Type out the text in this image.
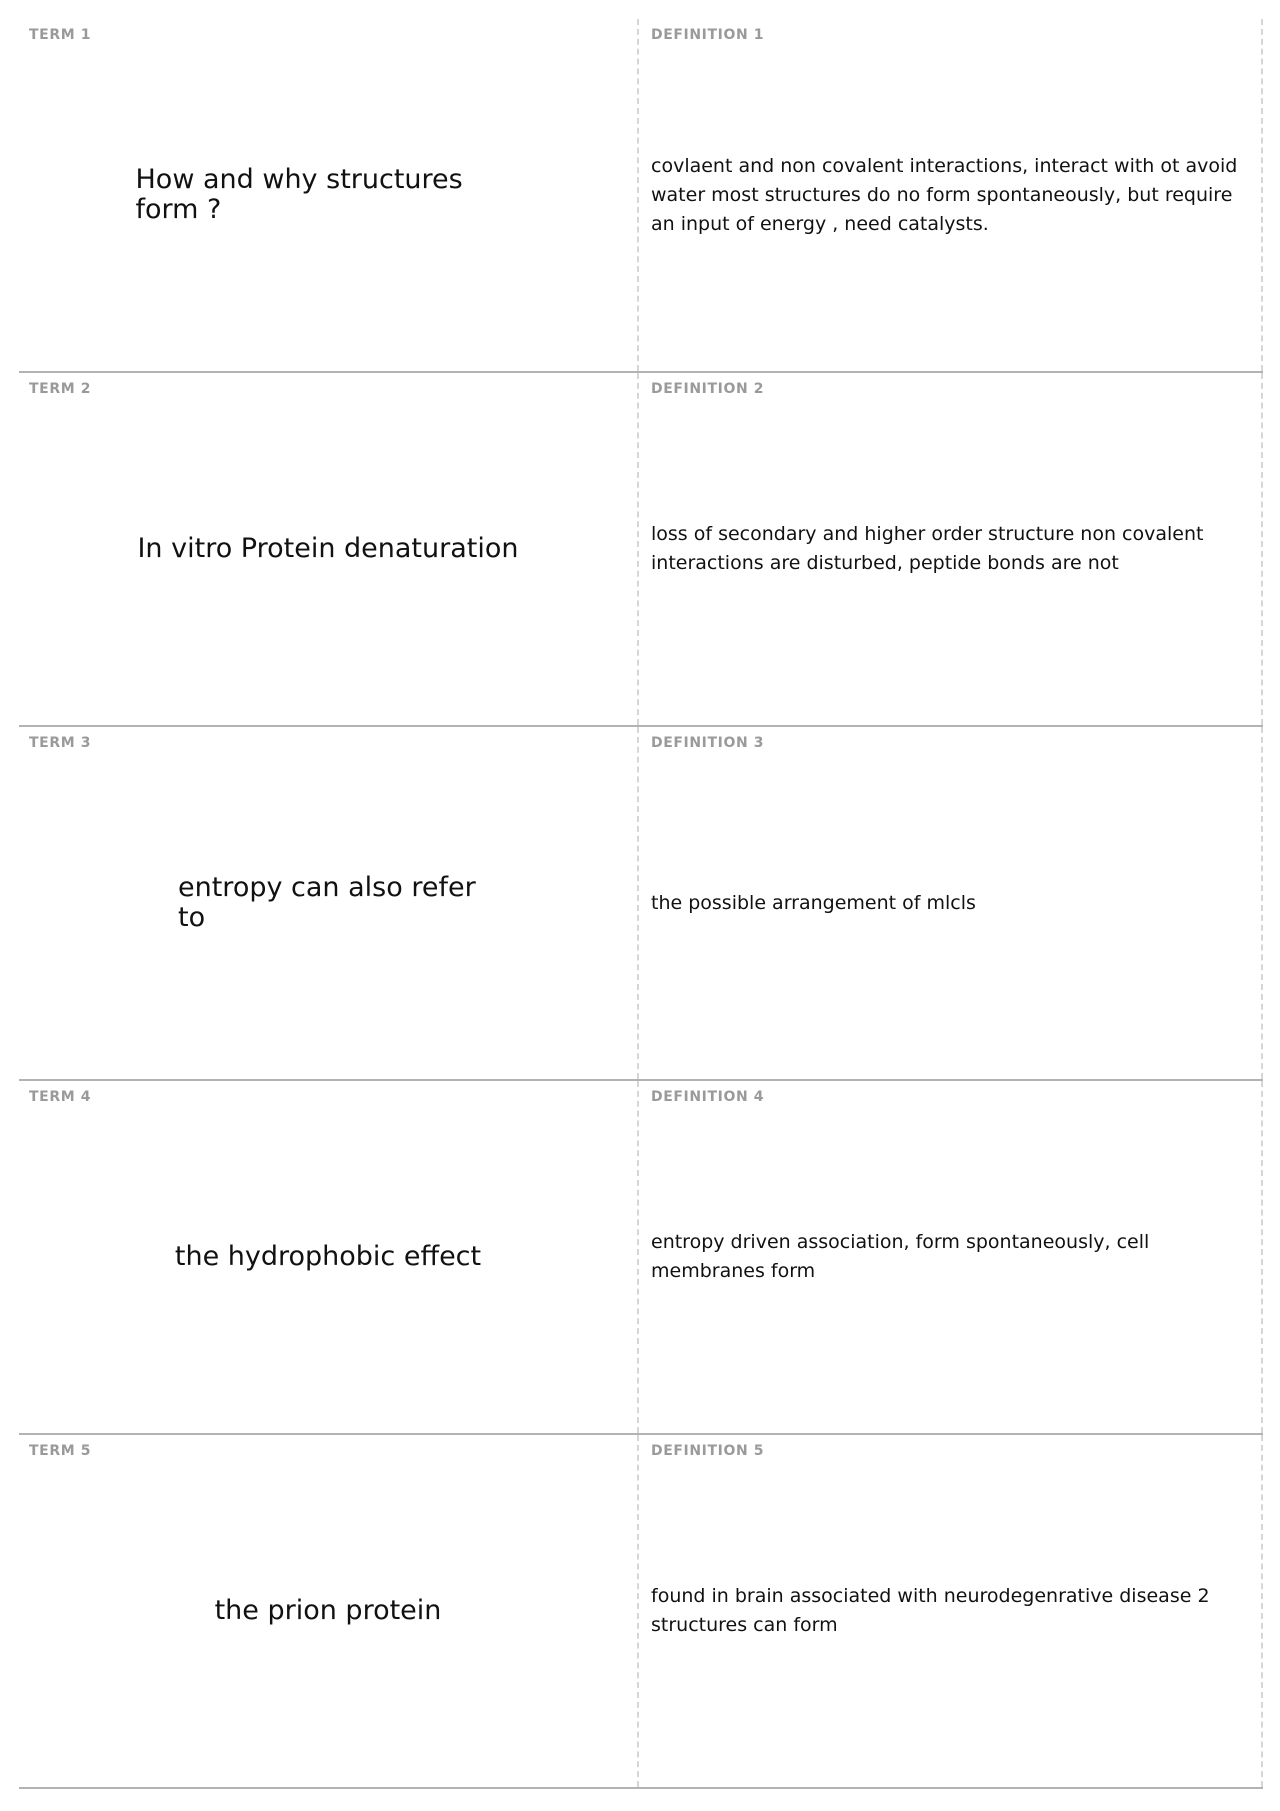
TERM 1
How and why structures form ?
DEFINITION 1
covlaent and non covalent interactions, interact with ot avoid water most structures do no form spontaneously, but require an input of energy , need catalysts.
TERM 2
In vitro Protein denaturation
DEFINITION 2
loss of secondary and higher order structure non covalent interactions are disturbed, peptide bonds are not
TERM 3
entropy can also refer to
DEFINITION 3
the possible arrangement of mlcls
TERM 4
the hydrophobic effect
DEFINITION 4
entropy driven association, form spontaneously, cell membranes form
TERM 5
the prion protein
DEFINITION 5
found in brain associated with neurodegenrative disease 2 structures can form
